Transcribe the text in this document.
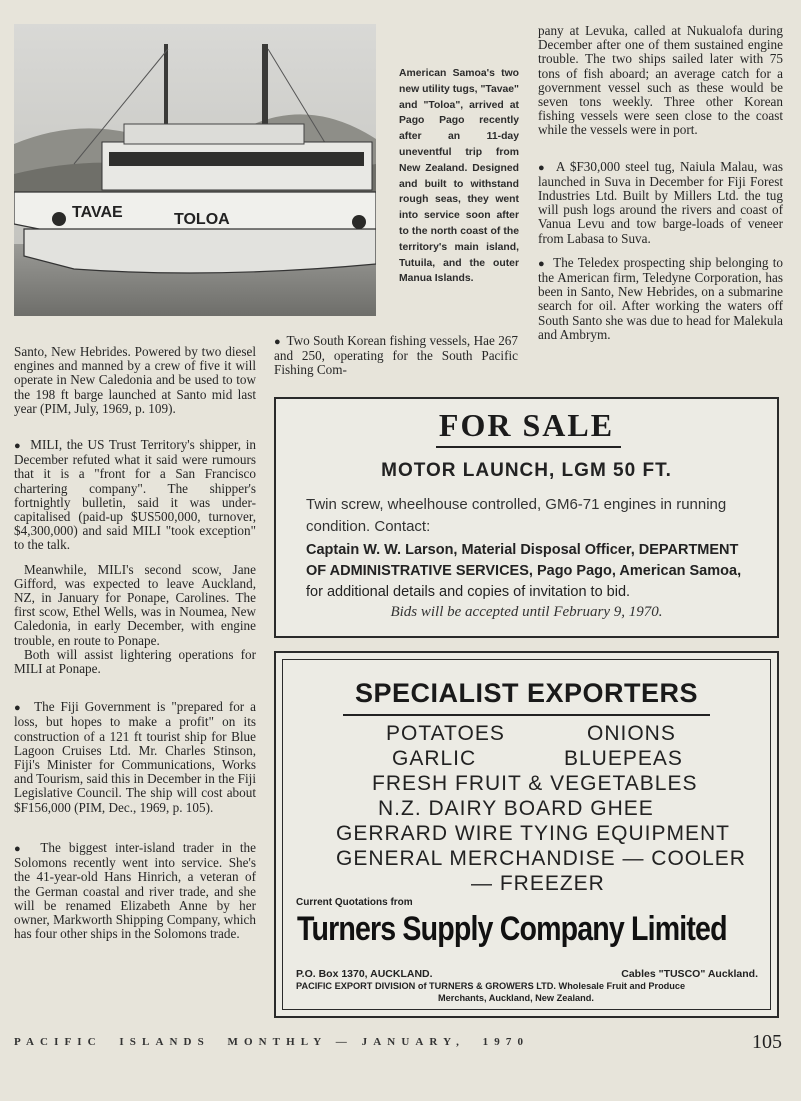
TAVAE	TOLOA

American Samoa's two new utility tugs, "Tavae" and "Toloa", arrived at Pago Pago recently after an 11-day uneventful trip from New Zealand. Designed and built to withstand rough seas, they went into service soon after to the north coast of the territory's main island, Tutuila, and the outer Manua Islands.

Santo, New Hebrides. Powered by two diesel engines and manned by a crew of five it will operate in New Caledonia and be used to tow the 198 ft barge launched at Santo mid last year (PIM, July, 1969, p. 109).

●  MILI, the US Trust Territory's shipper, in December refuted what it said were rumours that it is a "front for a San Francisco chartering company". The shipper's fortnightly bulletin, said it was under-capitalised (paid-up $US500,000, turnover, $4,300,000) and said MILI "took exception" to the talk.

Meanwhile, MILI's second scow, Jane Gifford, was expected to leave Auckland, NZ, in January for Ponape, Carolines. The first scow, Ethel Wells, was in Noumea, New Caledonia, in early December, with engine trouble, en route to Ponape.

Both will assist lightering operations for MILI at Ponape.

●  The Fiji Government is "prepared for a loss, but hopes to make a profit" on its construction of a 121 ft tourist ship for Blue Lagoon Cruises Ltd. Mr. Charles Stinson, Fiji's Minister for Communications, Works and Tourism, said this in December in the Fiji Legislative Council. The ship will cost about $F156,000 (PIM, Dec., 1969, p. 105).

●  The biggest inter-island trader in the Solomons recently went into service. She's the 41-year-old Hans Hinrich, a veteran of the German coastal and river trade, and she will be renamed Elizabeth Anne by her owner, Markworth Shipping Company, which has four other ships in the Solomons trade.

●  Two South Korean fishing vessels, Hae 267 and 250, operating for the South Pacific Fishing Com-

pany at Levuka, called at Nukualofa during December after one of them sustained engine trouble. The two ships sailed later with 75 tons of fish aboard; an average catch for a government vessel such as these would be seven tons weekly. Three other Korean fishing vessels were seen close to the coast while the vessels were in port.

●  A $F30,000 steel tug, Naiula Malau, was launched in Suva in December for Fiji Forest Industries Ltd. Built by Millers Ltd. the tug will push logs around the rivers and coast of Vanua Levu and tow barge-loads of veneer from Labasa to Suva.

●  The Teledex prospecting ship belonging to the American firm, Teledyne Corporation, has been in Santo, New Hebrides, on a submarine search for oil. After working the waters off South Santo she was due to head for Malekula and Ambrym.

FOR SALE
MOTOR LAUNCH, LGM 50 FT.
Twin screw, wheelhouse controlled, GM6-71 engines in running
condition. Contact:
Captain W. W. Larson, Material Disposal Officer, DEPARTMENT OF ADMINISTRATIVE SERVICES, Pago Pago, American Samoa, for additional details and copies of invitation to bid.
Bids will be accepted until February 9, 1970.
SPECIALIST EXPORTERS
POTATOES	ONIONS
GARLIC	BLUEPEAS
FRESH FRUIT & VEGETABLES
N.Z. DAIRY BOARD GHEE
GERRARD WIRE TYING EQUIPMENT
GENERAL MERCHANDISE — COOLER
— FREEZER
Current Quotations from
Turners Supply Company Limited
P.O. Box 1370, AUCKLAND.	Cables "TUSCO" Auckland.
PACIFIC EXPORT DIVISION of TURNERS & GROWERS LTD. Wholesale Fruit and Produce
Merchants, Auckland, New Zealand.
PACIFIC  ISLANDS  MONTHLY — JANUARY,  1970	105
